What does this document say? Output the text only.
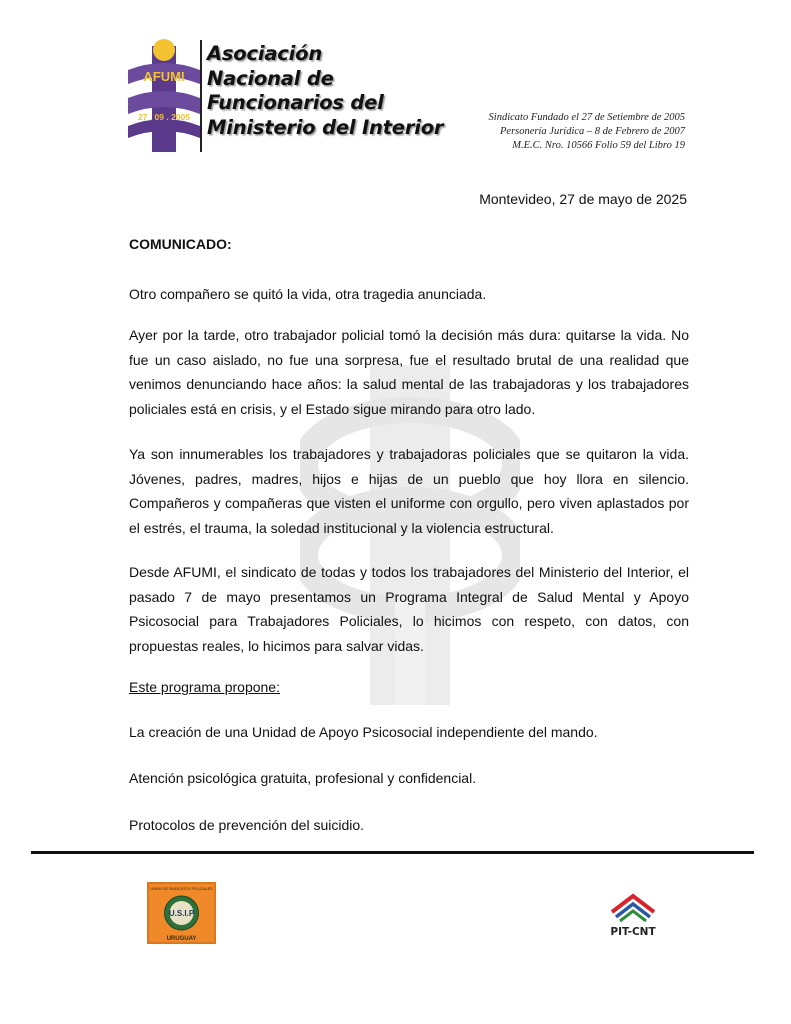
AFUMI
27 . 09 . 2005
Asociación
Nacional de
Funcionarios del
Ministerio del Interior	Sindicato Fundado el 27 de Setiembre de 2005
Personería Jurídica – 8 de Febrero de 2007
M.E.C. Nro. 10566 Folio 59 del Libro 19
Montevideo, 27 de mayo de 2025
COMUNICADO:
Otro compañero se quitó la vida, otra tragedia anunciada.
Ayer por la tarde, otro trabajador policial tomó la decisión más dura: quitarse la vida. No fue un caso aislado, no fue una sorpresa, fue el resultado brutal de una realidad que venimos denunciando hace años: la salud mental de las trabajadoras y los trabajadores policiales está en crisis, y el Estado sigue mirando para otro lado.
Ya son innumerables los trabajadores y trabajadoras policiales que se quitaron la vida. Jóvenes, padres, madres, hijos e hijas de un pueblo que hoy llora en silencio. Compañeros y compañeras que visten el uniforme con orgullo, pero viven aplastados por el estrés, el trauma, la soledad institucional y la violencia estructural.
Desde AFUMI, el sindicato de todas y todos los trabajadores del Ministerio del Interior, el pasado 7 de mayo presentamos un Programa Integral de Salud Mental y Apoyo Psicosocial para Trabajadores Policiales, lo hicimos con respeto, con datos, con propuestas reales, lo hicimos para salvar vidas.
Este programa propone:
La creación de una Unidad de Apoyo Psicosocial independiente del mando.
Atención psicológica gratuita, profesional y confidencial.
Protocolos de prevención del suicidio.
UNION DE SINDICATOS POLICIALES
U.S.I.P
URUGUAY
PIT-CNT
